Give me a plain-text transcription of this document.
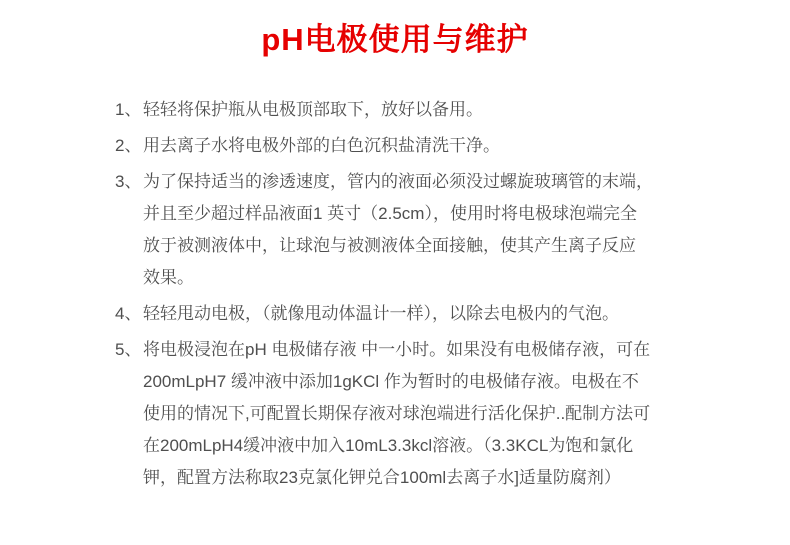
pH电极使用与维护
1、 轻轻将保护瓶从电极顶部取下，放好以备用。
2、 用去离子水将电极外部的白色沉积盐清洗干净。
3、 为了保持适当的渗透速度，管内的液面必须没过螺旋玻璃管的末端，
并且至少超过样品液面1 英寸（2.5cm），使用时将电极球泡端完全
放于被测液体中，让球泡与被测液体全面接触，使其产生离子反应
效果。
4、 轻轻甩动电极，（就像甩动体温计一样），以除去电极内的气泡。
5、 将电极浸泡在pH 电极储存液 中一小时。如果没有电极储存液，可在
200mLpH7 缓冲液中添加1gKCl 作为暂时的电极储存液。电极在不
使用的情况下,可配置长期保存液对球泡端进行活化保护..配制方法可
在200mLpH4缓冲液中加入10mL3.3kcl溶液。（3.3KCL为饱和氯化
钾，配置方法称取23克氯化钾兑合100ml去离子水]适量防腐剂）
